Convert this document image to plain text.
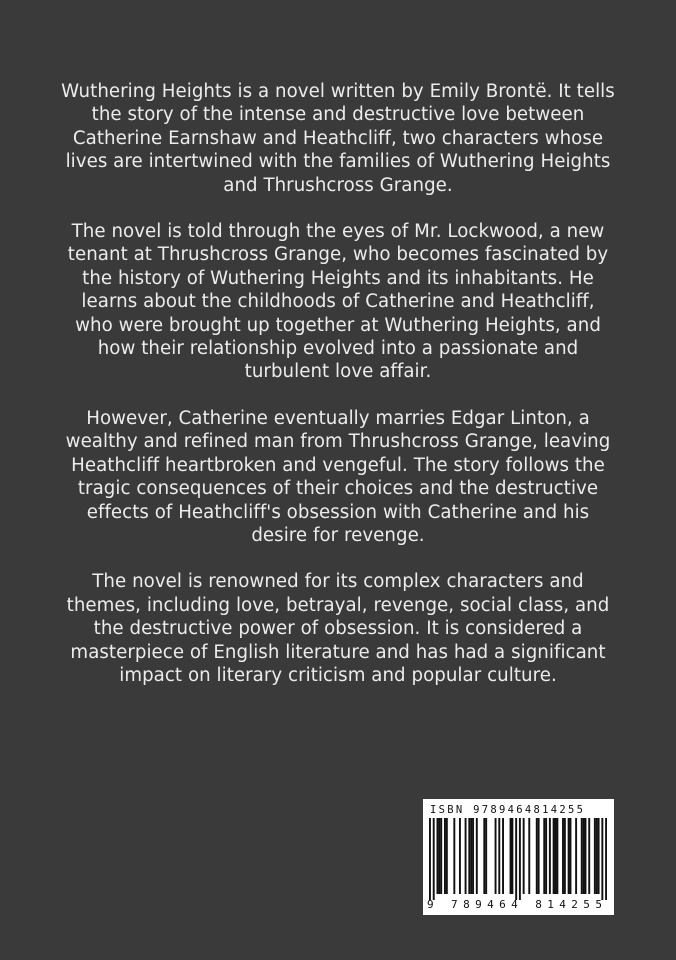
Wuthering Heights is a novel written by Emily Brontë. It tells the story of the intense and destructive love between Catherine Earnshaw and Heathcliff, two characters whose lives are intertwined with the families of Wuthering Heights and Thrushcross Grange.

The novel is told through the eyes of Mr. Lockwood, a new tenant at Thrushcross Grange, who becomes fascinated by the history of Wuthering Heights and its inhabitants. He learns about the childhoods of Catherine and Heathcliff, who were brought up together at Wuthering Heights, and how their relationship evolved into a passionate and turbulent love affair.

However, Catherine eventually marries Edgar Linton, a wealthy and refined man from Thrushcross Grange, leaving Heathcliff heartbroken and vengeful. The story follows the tragic consequences of their choices and the destructive effects of Heathcliff's obsession with Catherine and his desire for revenge.

The novel is renowned for its complex characters and themes, including love, betrayal, revenge, social class, and the destructive power of obsession. It is considered a masterpiece of English literature and has had a significant impact on literary criticism and popular culture.

ISBN 9789464814255
9 789464 814255
